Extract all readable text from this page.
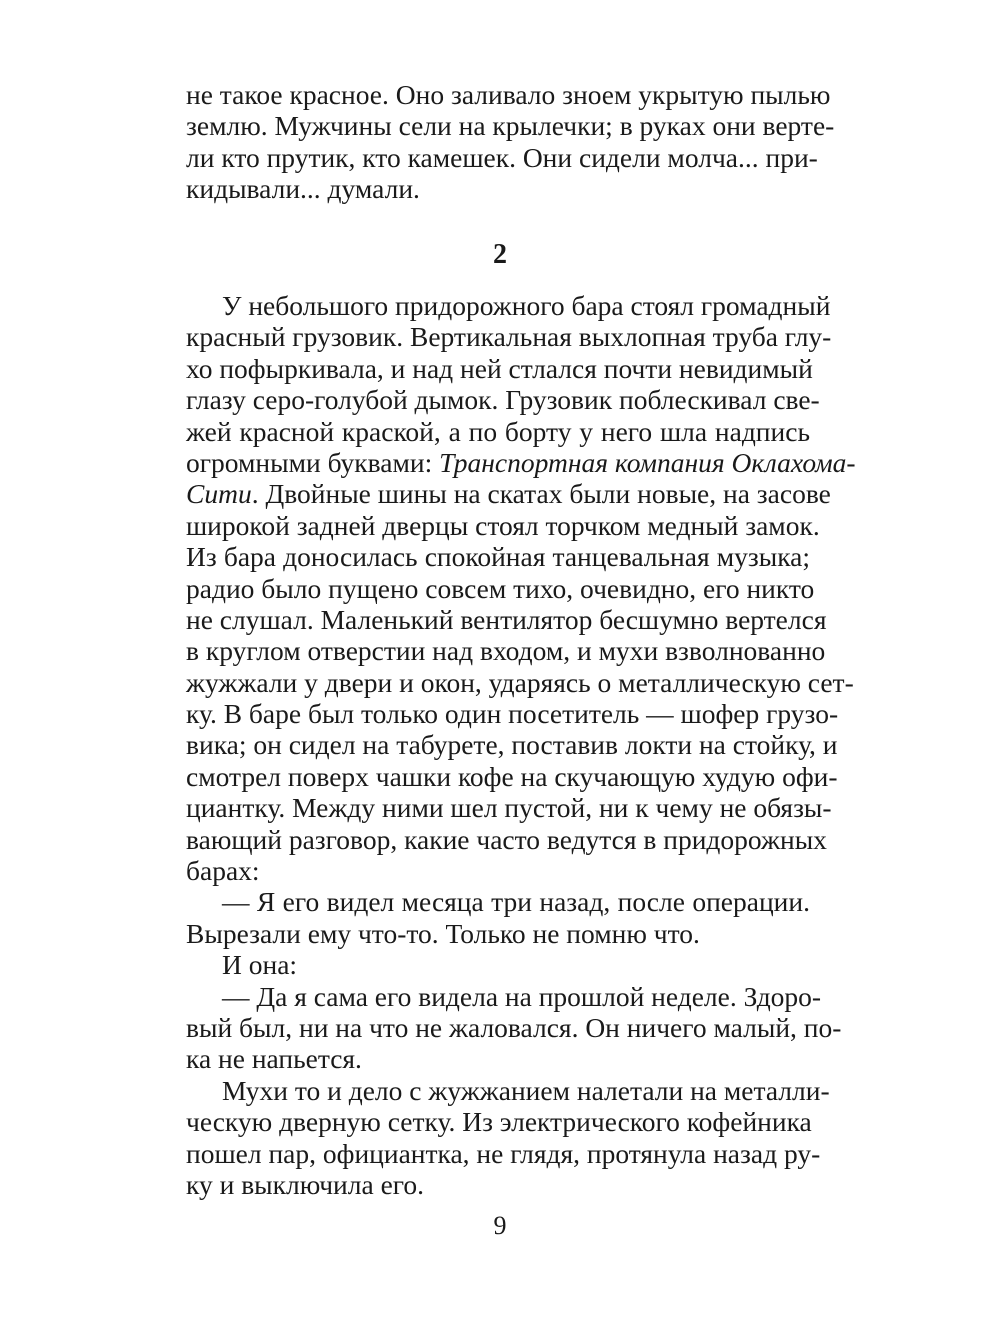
не такое красное. Оно заливало зноем укрытую пылью
землю. Мужчины сели на крылечки; в руках они верте-
ли кто прутик, кто камешек. Они сидели молча... при-
кидывали... думали.
2
У небольшого придорожного бара стоял громадный
красный грузовик. Вертикальная выхлопная труба глу-
хо пофыркивала, и над ней стлался почти невидимый
глазу серо-голубой дымок. Грузовик поблескивал све-
жей красной краской, а по борту у него шла надпись
огромными буквами: Транспортная компания Оклахома-
Сити. Двойные шины на скатах были новые, на засове
широкой задней дверцы стоял торчком медный замок.
Из бара доносилась спокойная танцевальная музыка;
радио было пущено совсем тихо, очевидно, его никто
не слушал. Маленький вентилятор бесшумно вертелся
в круглом отверстии над входом, и мухи взволнованно
жужжали у двери и окон, ударяясь о металлическую сет-
ку. В баре был только один посетитель — шофер грузо-
вика; он сидел на табурете, поставив локти на стойку, и
смотрел поверх чашки кофе на скучающую худую офи-
циантку. Между ними шел пустой, ни к чему не обязы-
вающий разговор, какие часто ведутся в придорожных
барах:
— Я его видел месяца три назад, после операции.
Вырезали ему что-то. Только не помню что.
И она:
— Да я сама его видела на прошлой неделе. Здоро-
вый был, ни на что не жаловался. Он ничего малый, по-
ка не напьется.
Мухи то и дело с жужжанием налетали на металли-
ческую дверную сетку. Из электрического кофейника
пошел пар, официантка, не глядя, протянула назад ру-
ку и выключила его.
9
